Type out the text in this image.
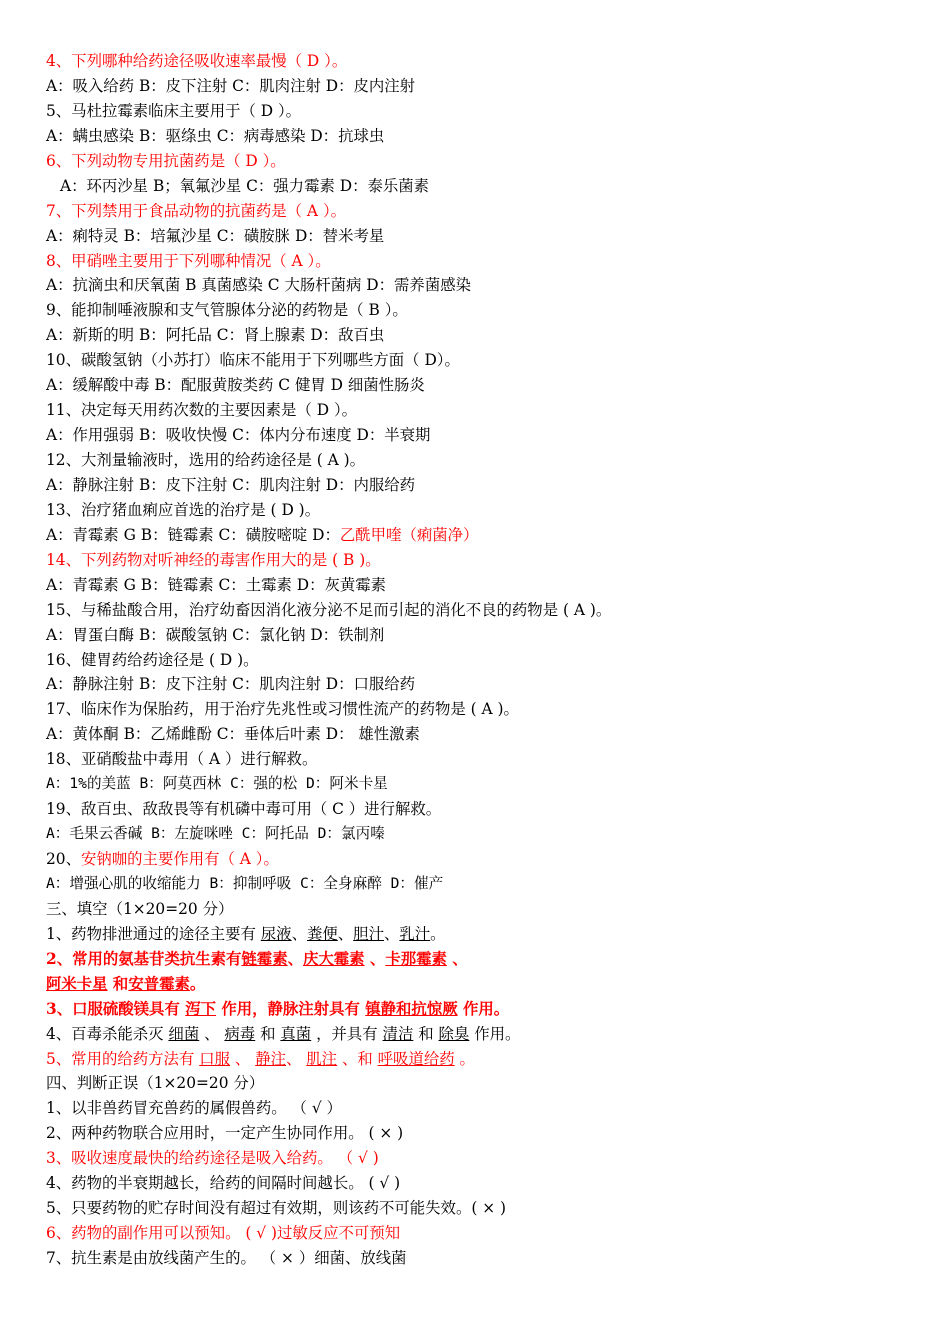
4、下列哪种给药途径吸收速率最慢（ D ）。
A：吸入给药 B：皮下注射 C：肌肉注射 D：皮内注射
5、马杜拉霉素临床主要用于（ D ）。
A：螨虫感染 B：驱绦虫 C：病毒感染 D：抗球虫
6、下列动物专用抗菌药是（ D ）。
A：环丙沙星 B；氧氟沙星 C：强力霉素 D：泰乐菌素
7、下列禁用于食品动物的抗菌药是（ A ）。
A：痢特灵 B：培氟沙星 C：磺胺脒 D：替米考星
8、甲硝唑主要用于下列哪种情况（ A ）。
A：抗滴虫和厌氧菌 B 真菌感染 C 大肠杆菌病 D：需养菌感染
9、能抑制唾液腺和支气管腺体分泌的药物是（ B ）。
A：新斯的明 B：阿托品 C：肾上腺素 D：敌百虫
10、碳酸氢钠（小苏打）临床不能用于下列哪些方面（ D）。
A：缓解酸中毒 B：配服黄胺类药 C 健胃 D 细菌性肠炎
11、决定每天用药次数的主要因素是（ D ）。
A：作用强弱 B：吸收快慢 C：体内分布速度 D：半衰期
12、大剂量输液时，选用的给药途径是 ( A )。
A：静脉注射 B：皮下注射 C：肌肉注射 D：内服给药
13、治疗猪血痢应首选的治疗是 ( D )。
A：青霉素 G B：链霉素 C：磺胺嘧啶 D：乙酰甲喹（痢菌净）
14、下列药物对听神经的毒害作用大的是 ( B )。
A：青霉素 G B：链霉素 C：土霉素 D：灰黄霉素
15、与稀盐酸合用，治疗幼畜因消化液分泌不足而引起的消化不良的药物是 ( A )。
A：胃蛋白酶 B：碳酸氢钠 C：氯化钠 D：铁制剂
16、健胃药给药途径是 ( D )。
A：静脉注射 B：皮下注射 C：肌肉注射 D：口服给药
17、临床作为保胎药，用于治疗先兆性或习惯性流产的药物是 ( A )。
A：黄体酮 B：乙烯雌酚 C：垂体后叶素 D： 雄性激素
18、亚硝酸盐中毒用（ A ）进行解救。
A：1%的美蓝 B：阿莫西林 C：强的松 D：阿米卡星
19、敌百虫、敌敌畏等有机磷中毒可用（ C ）进行解救。
A：毛果云香碱 B：左旋咪唑 C：阿托品 D：氯丙嗪
20、安钠咖的主要作用有（ A ）。
A：增强心肌的收缩能力 B：抑制呼吸 C：全身麻醉 D：催产
三、填空（1×20=20 分）
1、药物排泄通过的途径主要有 尿液、粪便、胆汁、乳汁。
2、常用的氨基苷类抗生素有链霉素、庆大霉素 、卡那霉素 、
阿米卡星 和安普霉素。
3、口服硫酸镁具有 泻下 作用，静脉注射具有 镇静和抗惊厥 作用。
4、百毒杀能杀灭 细菌 、 病毒 和 真菌 ，并具有 清洁 和 除臭 作用。
5、常用的给药方法有 口服 、 静注、 肌注 、和 呼吸道给药 。
四、判断正误（1×20=20 分）
1、以非兽药冒充兽药的属假兽药。 （ √ ）
2、两种药物联合应用时，一定产生协同作用。 ( × )
3、吸收速度最快的给药途径是吸入给药。 （ √ )
4、药物的半衰期越长，给药的间隔时间越长。 ( √ )
5、只要药物的贮存时间没有超过有效期，则该药不可能失效。( × )
6、药物的副作用可以预知。 ( √ )过敏反应不可预知
7、抗生素是由放线菌产生的。 （ × ）细菌、放线菌
